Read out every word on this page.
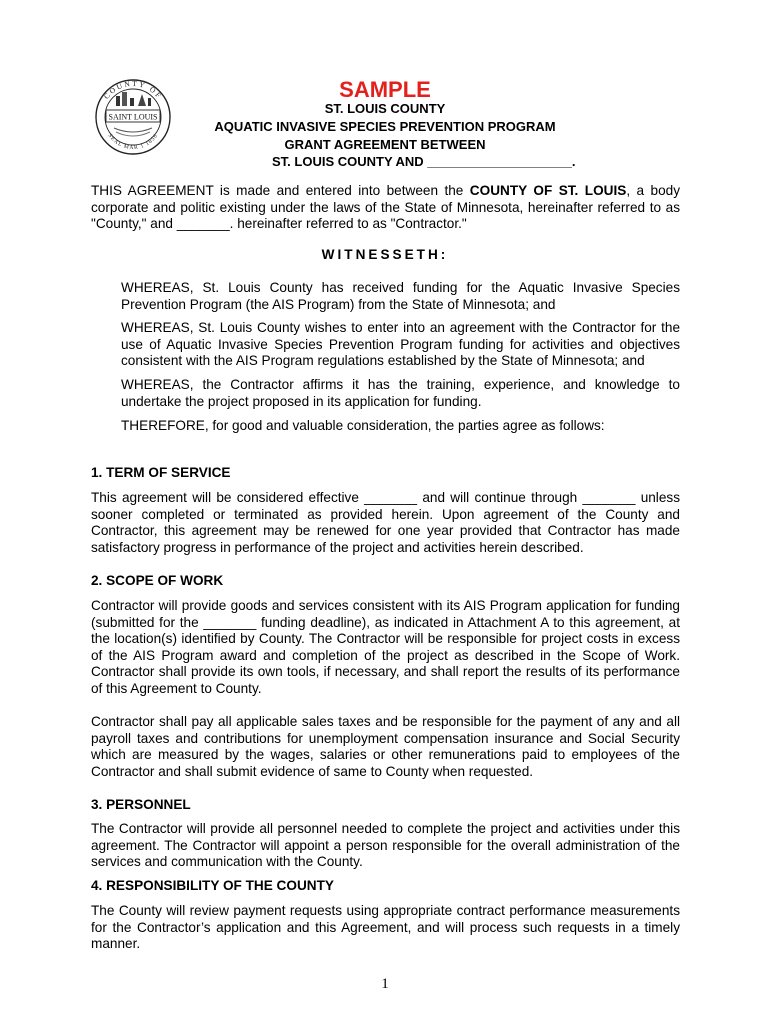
COUNTY OF
SEAL MAR 1 1856
SAINT LOUIS
SAMPLE
ST. LOUIS COUNTY
AQUATIC INVASIVE SPECIES PREVENTION PROGRAM
GRANT AGREEMENT BETWEEN
ST. LOUIS COUNTY AND ____________________.
THIS AGREEMENT is made and entered into between the COUNTY OF ST. LOUIS, a body corporate and politic existing under the laws of the State of Minnesota, hereinafter referred to as "County," and _______. hereinafter referred to as "Contractor."
WITNESSETH:
WHEREAS, St. Louis County has received funding for the Aquatic Invasive Species Prevention Program (the AIS Program) from the State of Minnesota; and
WHEREAS, St. Louis County wishes to enter into an agreement with the Contractor for the use of Aquatic Invasive Species Prevention Program funding for activities and objectives consistent with the AIS Program regulations established by the State of Minnesota; and
WHEREAS, the Contractor affirms it has the training, experience, and knowledge to undertake the project proposed in its application for funding.
THEREFORE, for good and valuable consideration, the parties agree as follows:
1. TERM OF SERVICE
This agreement will be considered effective _______ and will continue through _______ unless sooner completed or terminated as provided herein. Upon agreement of the County and Contractor, this agreement may be renewed for one year provided that Contractor has made satisfactory progress in performance of the project and activities herein described.
2. SCOPE OF WORK
Contractor will provide goods and services consistent with its AIS Program application for funding (submitted for the _______ funding deadline), as indicated in Attachment A to this agreement, at the location(s) identified by County. The Contractor will be responsible for project costs in excess of the AIS Program award and completion of the project as described in the Scope of Work. Contractor shall provide its own tools, if necessary, and shall report the results of its performance of this Agreement to County.
Contractor shall pay all applicable sales taxes and be responsible for the payment of any and all payroll taxes and contributions for unemployment compensation insurance and Social Security which are measured by the wages, salaries or other remunerations paid to employees of the Contractor and shall submit evidence of same to County when requested.
3. PERSONNEL
The Contractor will provide all personnel needed to complete the project and activities under this agreement. The Contractor will appoint a person responsible for the overall administration of the services and communication with the County.
4. RESPONSIBILITY OF THE COUNTY
The County will review payment requests using appropriate contract performance measurements for the Contractor’s application and this Agreement, and will process such requests in a timely manner.
1
